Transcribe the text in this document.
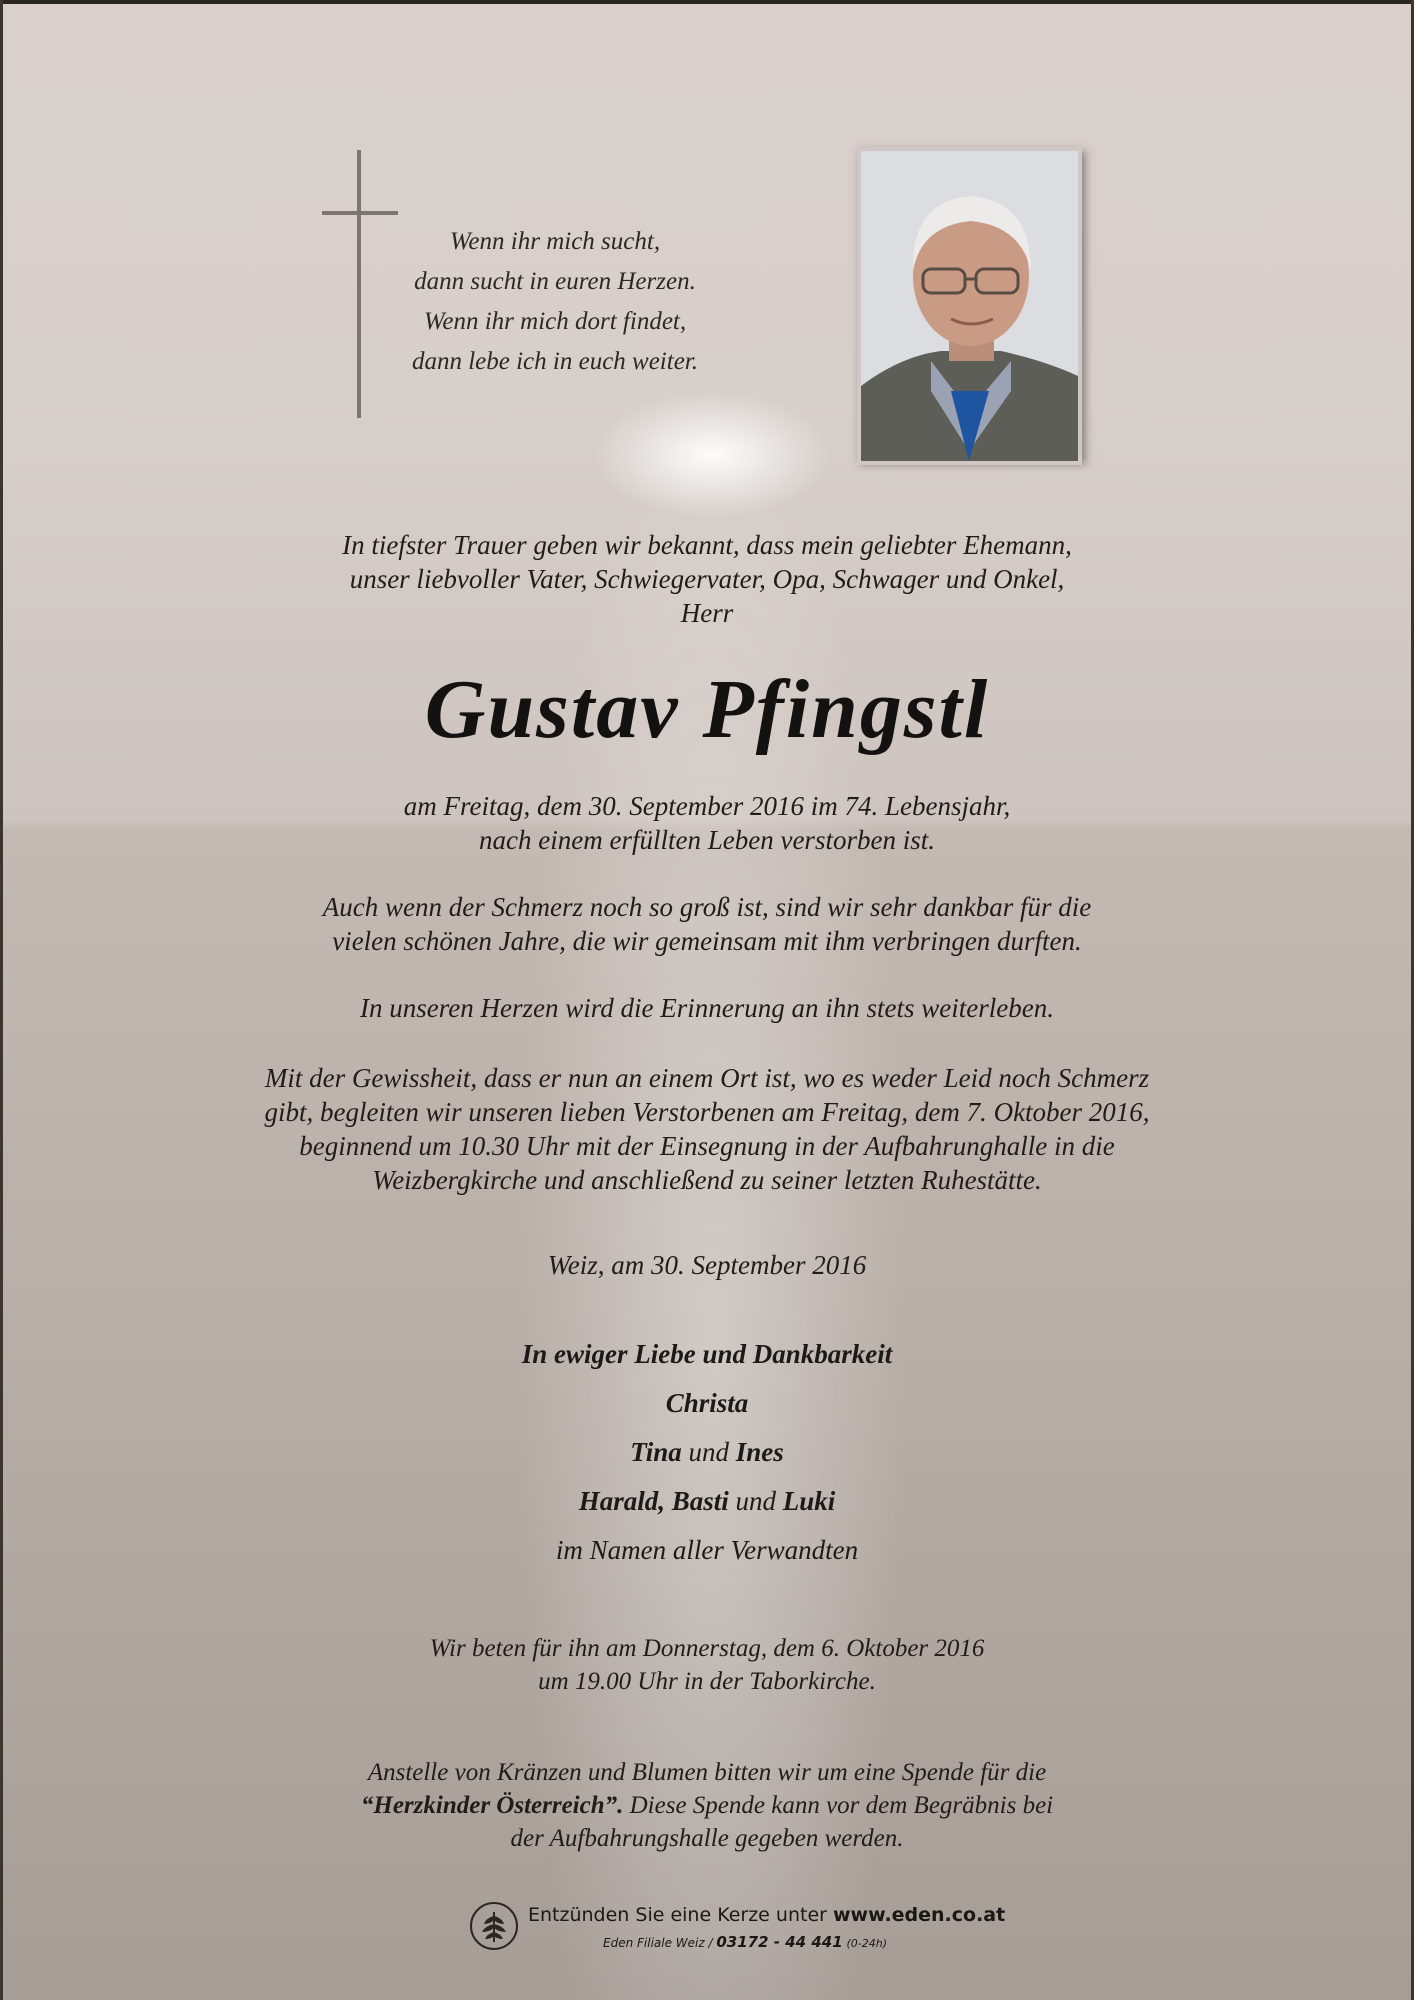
Wenn ihr mich sucht,
dann sucht in euren Herzen.
Wenn ihr mich dort findet,
dann lebe ich in euch weiter.
In tiefster Trauer geben wir bekannt, dass mein geliebter Ehemann,
unser liebvoller Vater, Schwiegervater, Opa, Schwager und Onkel,
Herr
Gustav Pfingstl
am Freitag, dem 30. September 2016 im 74. Lebensjahr,
nach einem erfüllten Leben verstorben ist.
Auch wenn der Schmerz noch so groß ist, sind wir sehr dankbar für die
vielen schönen Jahre, die wir gemeinsam mit ihm verbringen durften.
In unseren Herzen wird die Erinnerung an ihn stets weiterleben.
Mit der Gewissheit, dass er nun an einem Ort ist, wo es weder Leid noch Schmerz
gibt, begleiten wir unseren lieben Verstorbenen am Freitag, dem 7. Oktober 2016,
beginnend um 10.30 Uhr mit der Einsegnung in der Aufbahrunghalle in die
Weizbergkirche und anschließend zu seiner letzten Ruhestätte.
Weiz, am 30. September 2016
In ewiger Liebe und Dankbarkeit
Christa
Tina und Ines
Harald, Basti und Luki
im Namen aller Verwandten
Wir beten für ihn am Donnerstag, dem 6. Oktober 2016
um 19.00 Uhr in der Taborkirche.
Anstelle von Kränzen und Blumen bitten wir um eine Spende für die
“Herzkinder Österreich”. Diese Spende kann vor dem Begräbnis bei
der Aufbahrungshalle gegeben werden.
Entzünden Sie eine Kerze unter www.eden.co.at
Eden Filiale Weiz / 03172 - 44 441 (0-24h)
